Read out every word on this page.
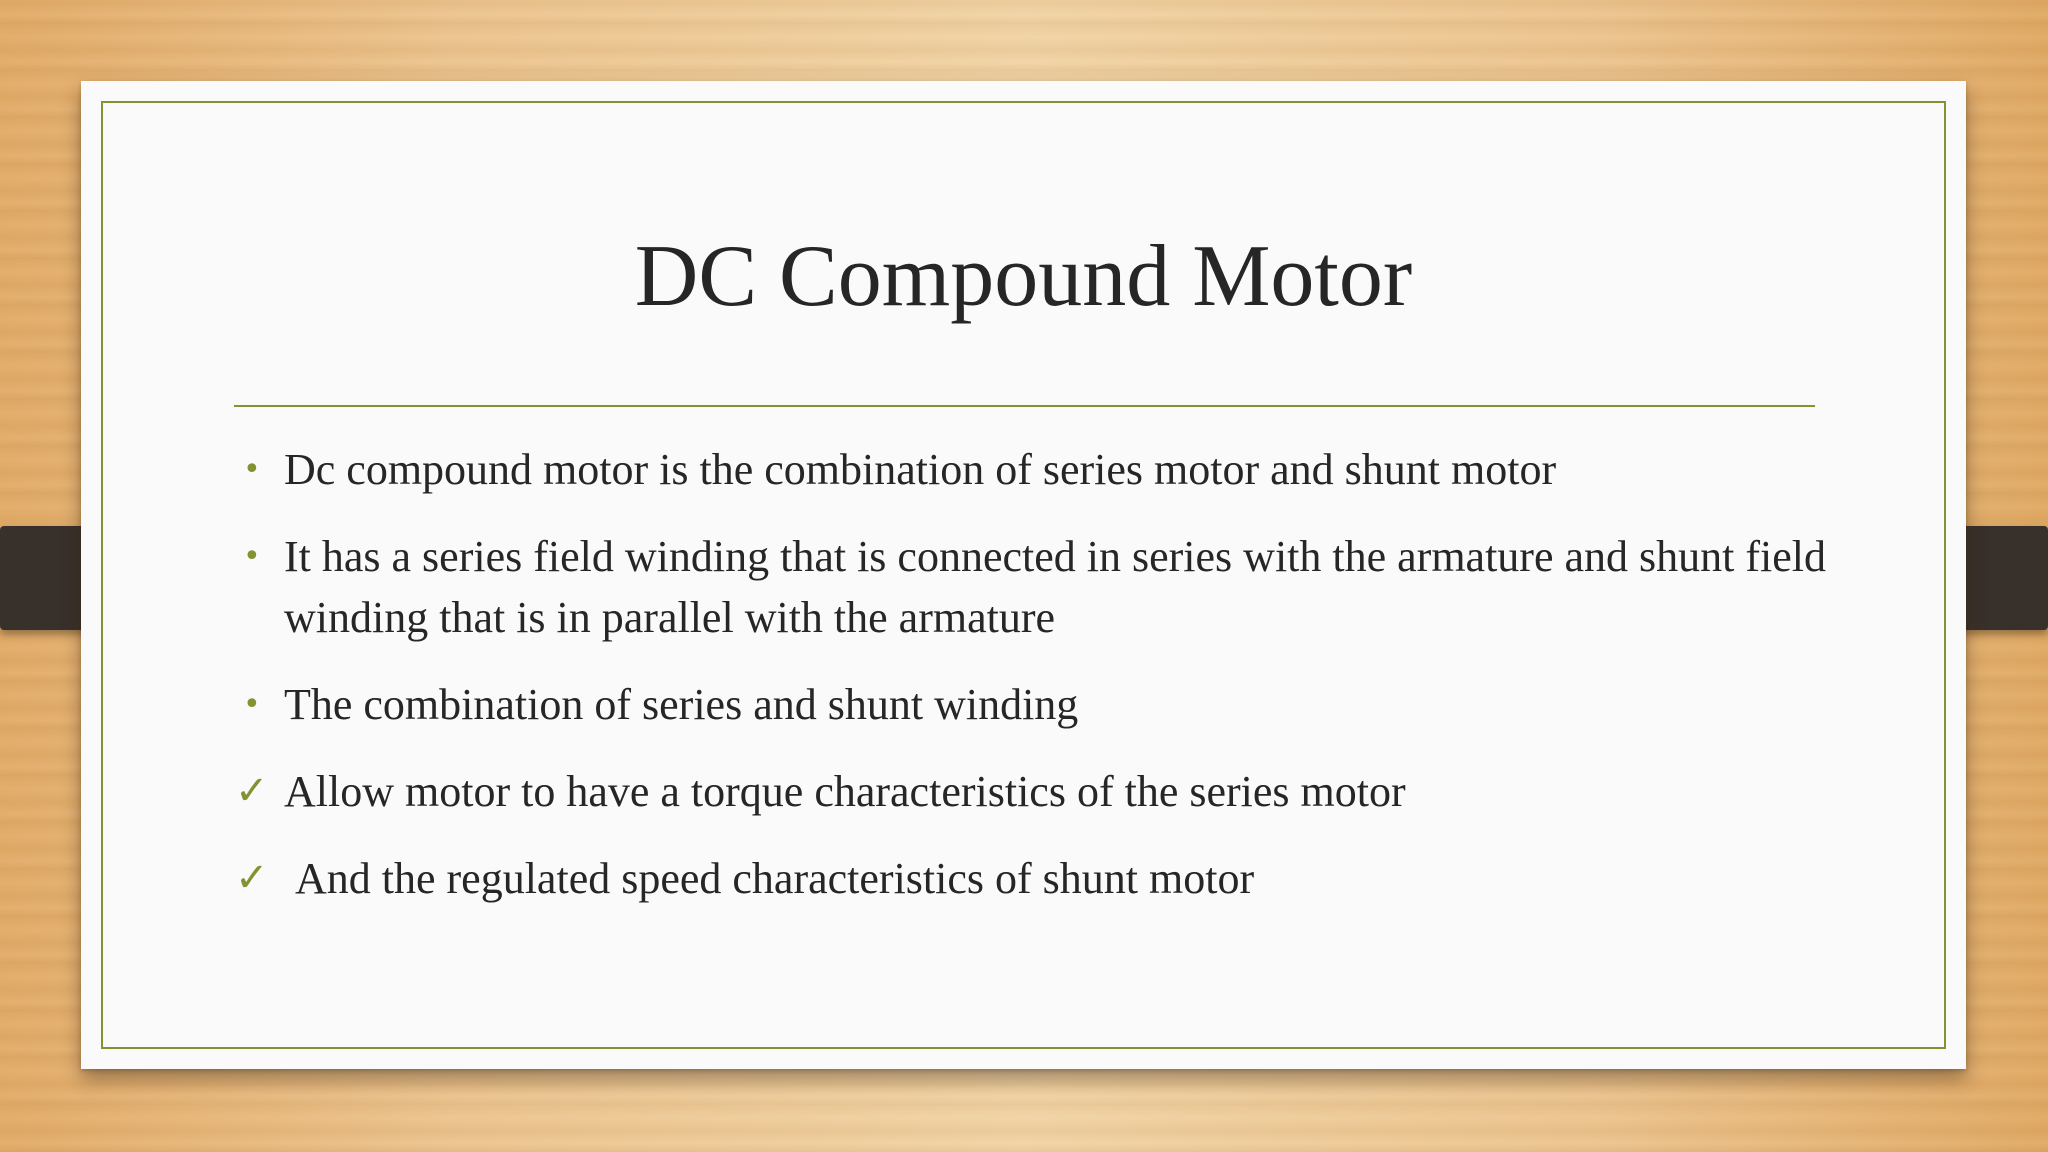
DC Compound Motor
• Dc compound motor is the combination of series motor and shunt motor
• It has a series field winding that is connected in series with the armature and shunt field winding that is in parallel with the armature
• The combination of series and shunt winding
✓ Allow motor to have a torque characteristics of the series motor
✓ And the regulated speed characteristics of shunt motor
